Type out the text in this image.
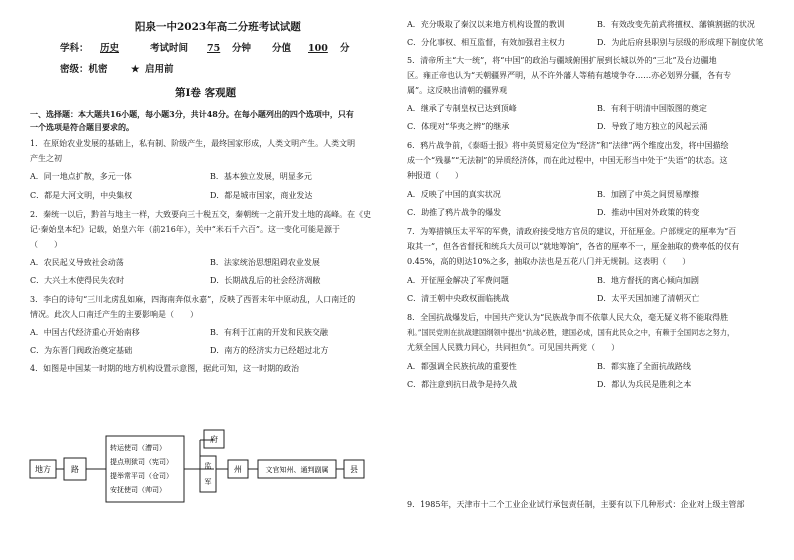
阳泉一中2023年高二分班考试试题
学科： 历史	考试时间 75 分钟 分值 100 分
密级：机密 ★ 启用前
第Ⅰ卷 客观题
一、选择题：本大题共16小题，每小题3分，共计48分。在每小题列出的四个选项中，只有
一个选项是符合题目要求的。
1．在原始农业发展的基础上，私有制、阶级产生，最终国家形成，人类文明产生。人类文明
产生之初
A．同一地点扩散，多元一体	B．基本独立发展，明显多元
C．都是大河文明，中央集权	D．都是城市国家，商业发达
2．秦统一以后，黔首与地主一样，大致要向三十税五交，秦朝统一之前开发土地的高峰。在《史
记·秦始皇本纪》记载，始皇六年（前216年），关中“米石千六百”。这一变化可能是源于
（　　）
A．农民起义导致社会动荡	B．法家统治思想阻碍农业发展
C．大兴土木使得民失农时	D．长期战乱后的社会经济凋敝
3．李白的诗句“三川北虏乱如麻，四海南奔似永嘉”，反映了西晋末年中原动乱，人口南迁的
情况。此次人口南迁产生的主要影响是（　　）
A．中国古代经济重心开始南移	B．有利于江南的开发和民族交融
C．为东晋门阀政治奠定基础	D．南方的经济实力已经超过北方
4．如图是中国某一时期的地方机构设置示意图，据此可知，这一时期的政治
地方	路
转运使司（漕司）
提点刑狱司（宪司）
提举常平司（仓司）
安抚使司（帅司）
府
监
军
州	文官知州、通判副属	县
A．充分吸取了秦汉以来地方机构设置的教训	B．有效改变先前武将擅权、藩镇割据的状况
C．分化事权、相互监督，有效加强君主权力	D．为此后府县职别与层级的形成理下制度伏笔
5．清帝所主“大一统”，将“中国”的政治与疆域俯围扩展到长城以外的“三北”及台边疆地
区。雍正帝也认为“天朝疆界严明，从不许外藩人等稍有越境争夺……亦必划界分疆，各有专
属”。这反映出清朝的疆界观
A．继承了专制皇权已达到顶峰	B．有利于明清中国版图的奠定
C．体现对“华夷之辨”的继承	D．导致了地方独立的风起云涌
6．鸦片战争前，《泰晤士报》将中英贸易定位为“经济”和“法律”两个维度出发，将中国描绘
成一个“残暴”“无法制”的异质经济体，而在此过程中，中国无形当中处于“失语”的状态。这
种报道（　　）
A．反映了中国的真实状况	B．加剧了中英之间贸易摩擦
C．助推了鸦片战争的爆发	D．推动中国对外政策的转变
7．为筹措镇压太平军的军费，清政府接受地方官员的建议，开征厘金。户部规定的厘率为“百
取其一”，但各省督抚和统兵大员可以“就地筹饷”，各省的厘率不一，厘金抽取的费率低的仅有
0.45%，高的则达10%之多，抽取办法也是五花八门并无规制。这表明（　　）
A．开征厘金解决了军费问题	B．地方督抚的离心倾向加剧
C．清王朝中央政权面临挑战	D．太平天国加速了清朝灭亡
8．全国抗战爆发后，中国共产党认为“民族战争而不依靠人民大众，毫无疑义将不能取得胜
利。”国民党则在抗战建国纲领中提出“抗战必胜，建国必成，国有此民众之中，有赖于全国同志之努力，
尤须全国人民戮力同心，共同担负”。可见国共两党（　　）
A．都强调全民族抗战的重要性	B．都实施了全面抗战路线
C．都注意到抗日战争是持久战	D．都认为兵民是胜利之本
9．1985年，天津市十二个工业企业试行承包责任制，主要有以下几种形式：企业对上级主管部
